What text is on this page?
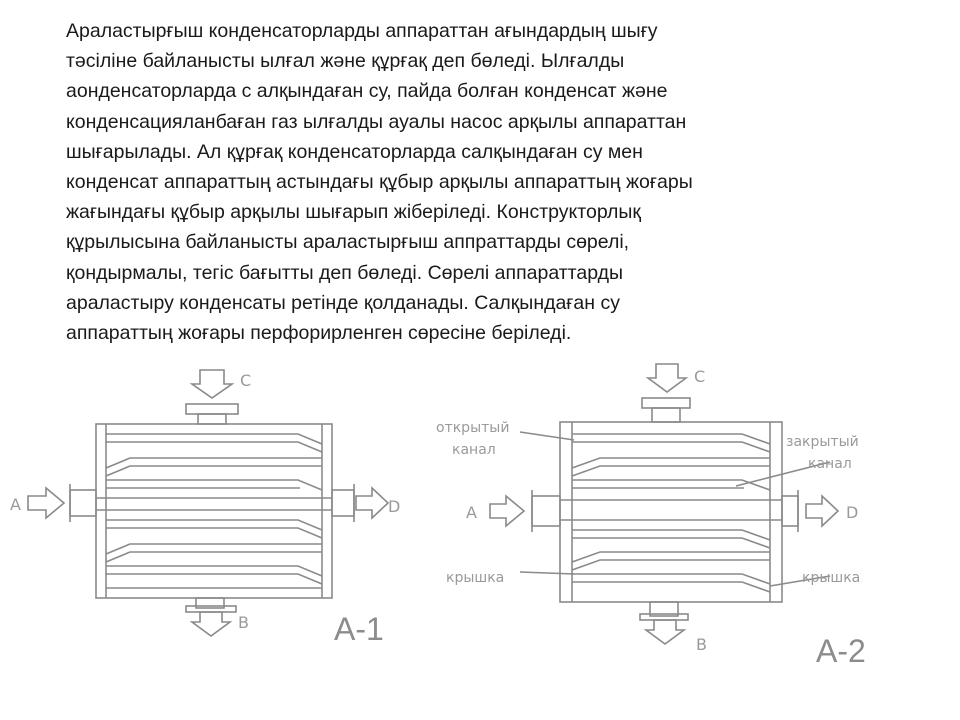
Араластырғыш конденсаторларды аппараттан ағындардың шығу
тәсіліне байланысты ылғал және құрғақ деп бөледі. Ылғалды
аонденсаторларда с алқындаған су, пайда болған конденсат және
конденсацияланбаған газ ылғалды ауалы насос арқылы аппараттан
шығарылады. Ал құрғақ конденсаторларда салқындаған су мен
конденсат аппараттың астындағы құбыр арқылы аппараттың жоғары
жағындағы құбыр арқылы шығарып жіберіледі. Конструкторлық
құрылысына байланысты араластырғыш аппраттарды сөрелі,
қондырмалы, тегіс бағытты деп бөледі. Сөрелі аппараттарды
араластыру конденсаты ретінде қолданады. Салқындаған су
аппараттың жоғары перфорирленген сөресіне беріледі.
С
А	D
В	А-1
С
А	D
В
открытый
канал	закрытый
канал
крышка	крышка
А-2
